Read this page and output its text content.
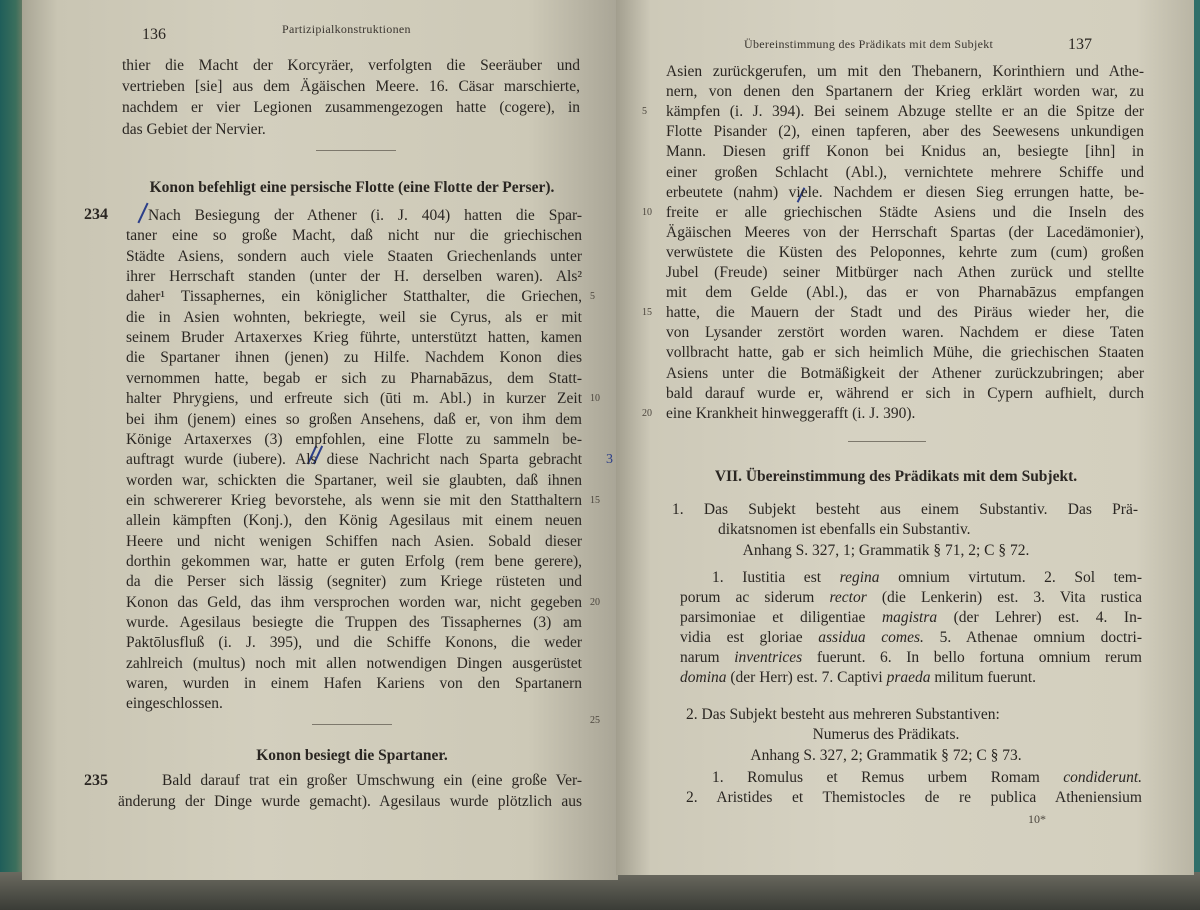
136	Partizipialkonstruktionen
3
thier die Macht der Korcyräer, verfolgten die Seeräuber und
vertrieben [sie] aus dem Ägäischen Meere. 16. Cäsar marschierte,
nachdem er vier Legionen zusammengezogen hatte (cogere), in
das Gebiet der Nervier.
Konon befehligt eine persische Flotte (eine Flotte der Perser).
234	Nach Besiegung der Athener (i. J. 404) hatten die Spar-
taner eine so große Macht, daß nicht nur die griechischen
Städte Asiens, sondern auch viele Staaten Griechenlands unter
ihrer Herrschaft standen (unter der H. derselben waren). Als²
daher¹ Tissaphernes, ein königlicher Statthalter, die Griechen,
die in Asien wohnten, bekriegte, weil sie Cyrus, als er mit
seinem Bruder Artaxerxes Krieg führte, unterstützt hatten, kamen
die Spartaner ihnen (jenen) zu Hilfe. Nachdem Konon dies
vernommen hatte, begab er sich zu Pharnabāzus, dem Statt-
halter Phrygiens, und erfreute sich (ūti m. Abl.) in kurzer Zeit
bei ihm (jenem) eines so großen Ansehens, daß er, von ihm dem
Könige Artaxerxes (3) empfohlen, eine Flotte zu sammeln be-
auftragt wurde (iubere). Als diese Nachricht nach Sparta gebracht
worden war, schickten die Spartaner, weil sie glaubten, daß ihnen
ein schwererer Krieg bevorstehe, als wenn sie mit den Statthaltern
allein kämpften (Konj.), den König Agesilaus mit einem neuen
Heere und nicht wenigen Schiffen nach Asien. Sobald dieser
dorthin gekommen war, hatte er guten Erfolg (rem bene gerere),
da die Perser sich lässig (segniter) zum Kriege rüsteten und
Konon das Geld, das ihm versprochen worden war, nicht gegeben
wurde. Agesilaus besiegte die Truppen des Tissaphernes (3) am
Paktōlusfluß (i. J. 395), und die Schiffe Konons, die weder
zahlreich (multus) noch mit allen notwendigen Dingen ausgerüstet
waren, wurden in einem Hafen Kariens von den Spartanern
eingeschlossen.
5
10
15
20
25
Konon besiegt die Spartaner.
235	Bald darauf trat ein großer Umschwung ein (eine große Ver-
änderung der Dinge wurde gemacht). Agesilaus wurde plötzlich aus
Übereinstimmung des Prädikats mit dem Subjekt	137
Asien zurückgerufen, um mit den Thebanern, Korinthiern und Athe-
nern, von denen den Spartanern der Krieg erklärt worden war, zu
kämpfen (i. J. 394). Bei seinem Abzuge stellte er an die Spitze der
Flotte Pisander (2), einen tapferen, aber des Seewesens unkundigen
Mann. Diesen griff Konon bei Knidus an, besiegte [ihn] in
einer großen Schlacht (Abl.), vernichtete mehrere Schiffe und
erbeutete (nahm) viele. Nachdem er diesen Sieg errungen hatte, be-
freite er alle griechischen Städte Asiens und die Inseln des
Ägäischen Meeres von der Herrschaft Spartas (der Lacedämonier),
verwüstete die Küsten des Peloponnes, kehrte zum (cum) großen
Jubel (Freude) seiner Mitbürger nach Athen zurück und stellte
mit dem Gelde (Abl.), das er von Pharnabāzus empfangen
hatte, die Mauern der Stadt und des Piräus wieder her, die
von Lysander zerstört worden waren. Nachdem er diese Taten
vollbracht hatte, gab er sich heimlich Mühe, die griechischen Staaten
Asiens unter die Botmäßigkeit der Athener zurückzubringen; aber
bald darauf wurde er, während er sich in Cypern aufhielt, durch
eine Krankheit hinweggerafft (i. J. 390).
5
10
15
20
VII. Übereinstimmung des Prädikats mit dem Subjekt.
1. Das Subjekt besteht aus einem Substantiv. Das Prä-
dikatsnomen ist ebenfalls ein Substantiv.
Anhang S. 327, 1; Grammatik § 71, 2; C § 72.
1. Iustitia est regina omnium virtutum. 2. Sol tem-
porum ac siderum rector (die Lenkerin) est. 3. Vita rustica
parsimoniae et diligentiae magistra (der Lehrer) est. 4. In-
vidia est gloriae assidua comes. 5. Athenae omnium doctri-
narum inventrices fuerunt. 6. In bello fortuna omnium rerum
domina (der Herr) est. 7. Captivi praeda militum fuerunt.
2. Das Subjekt besteht aus mehreren Substantiven:
Numerus des Prädikats.
Anhang S. 327, 2; Grammatik § 72; C § 73.
1. Romulus et Remus urbem Romam condiderunt.
2. Aristides et Themistocles de re publica Atheniensium
10*
